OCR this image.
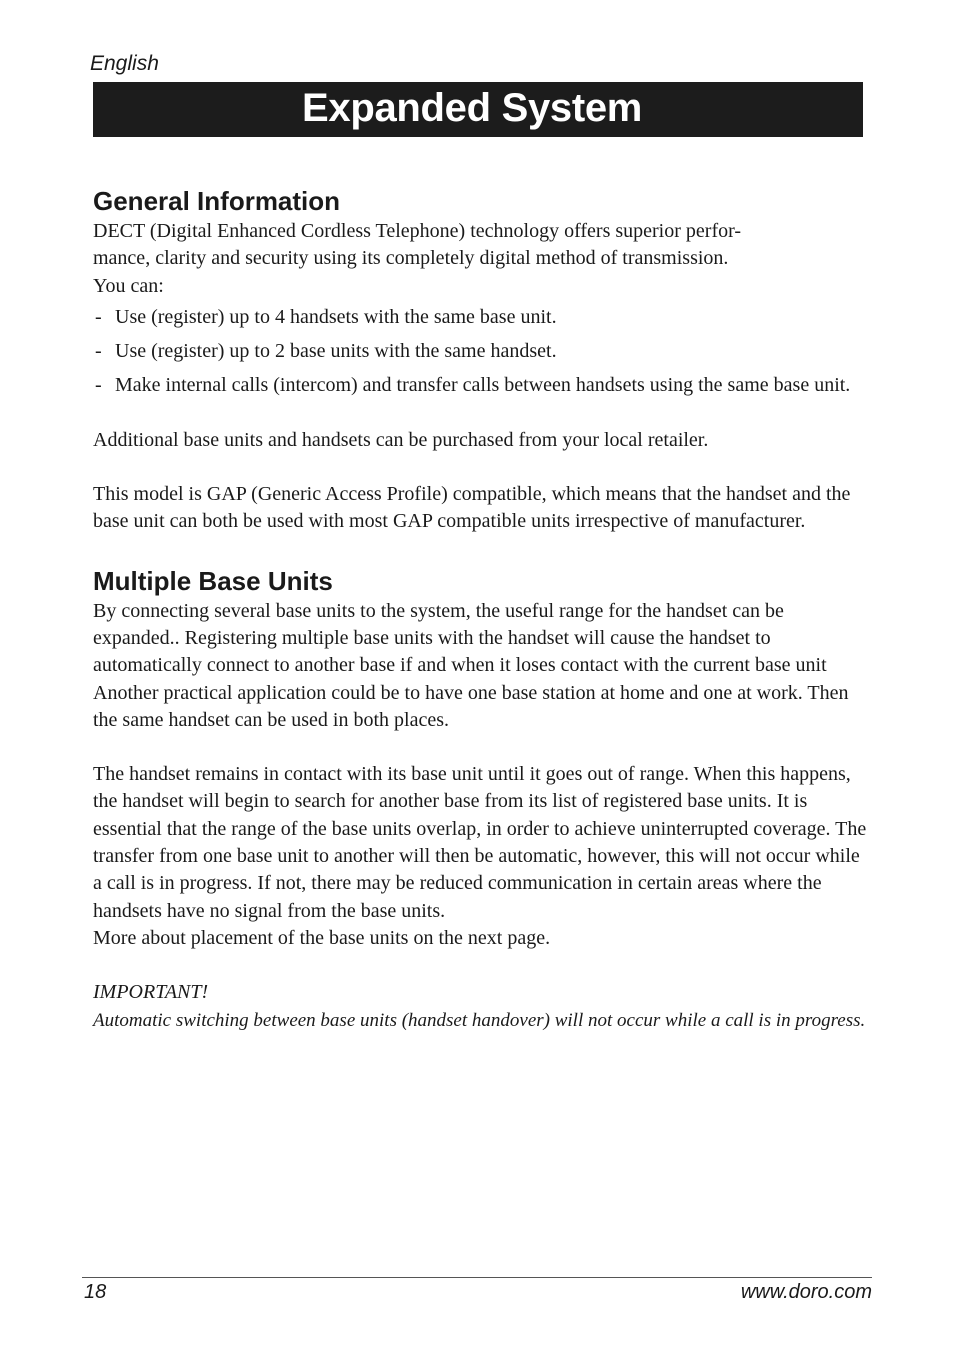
English
Expanded System
General Information

DECT (Digital Enhanced Cordless Telephone) technology offers superior perfor-

mance, clarity and security using its completely digital method of transmission.

You can:

- Use (register) up to 4 handsets with the same base unit.
- Use (register) up to 2 base units with the same handset.
- Make internal calls (intercom) and transfer calls between handsets using the same base unit.

Additional base units and handsets can be purchased from your local retailer.

This model is GAP (Generic Access Profile) compatible, which means that the handset and the base unit can both be used with most GAP compatible units irrespective of manufacturer.

Multiple Base Units

By connecting several base units to the system, the useful range for the handset can be expanded.. Registering multiple base units with the handset will cause the handset to automatically connect to another base if and when it loses contact with the current base unit Another practical application could be to have one base station at home and one at work. Then the same handset can be used in both places.

The handset remains in contact with its base unit until it goes out of range. When this happens, the handset will begin to search for another base from its list of registered base units. It is essential that the range of the base units overlap, in order to achieve uninterrupted coverage. The transfer from one base unit to another will then be automatic, however, this will not occur while a call is in progress. If not, there may be reduced communication in certain areas where the handsets have no signal from the base units.

More about placement of the base units on the next page.

IMPORTANT!

Automatic switching between base units (handset handover) will not occur while a call is in progress.

18	www.doro.com
